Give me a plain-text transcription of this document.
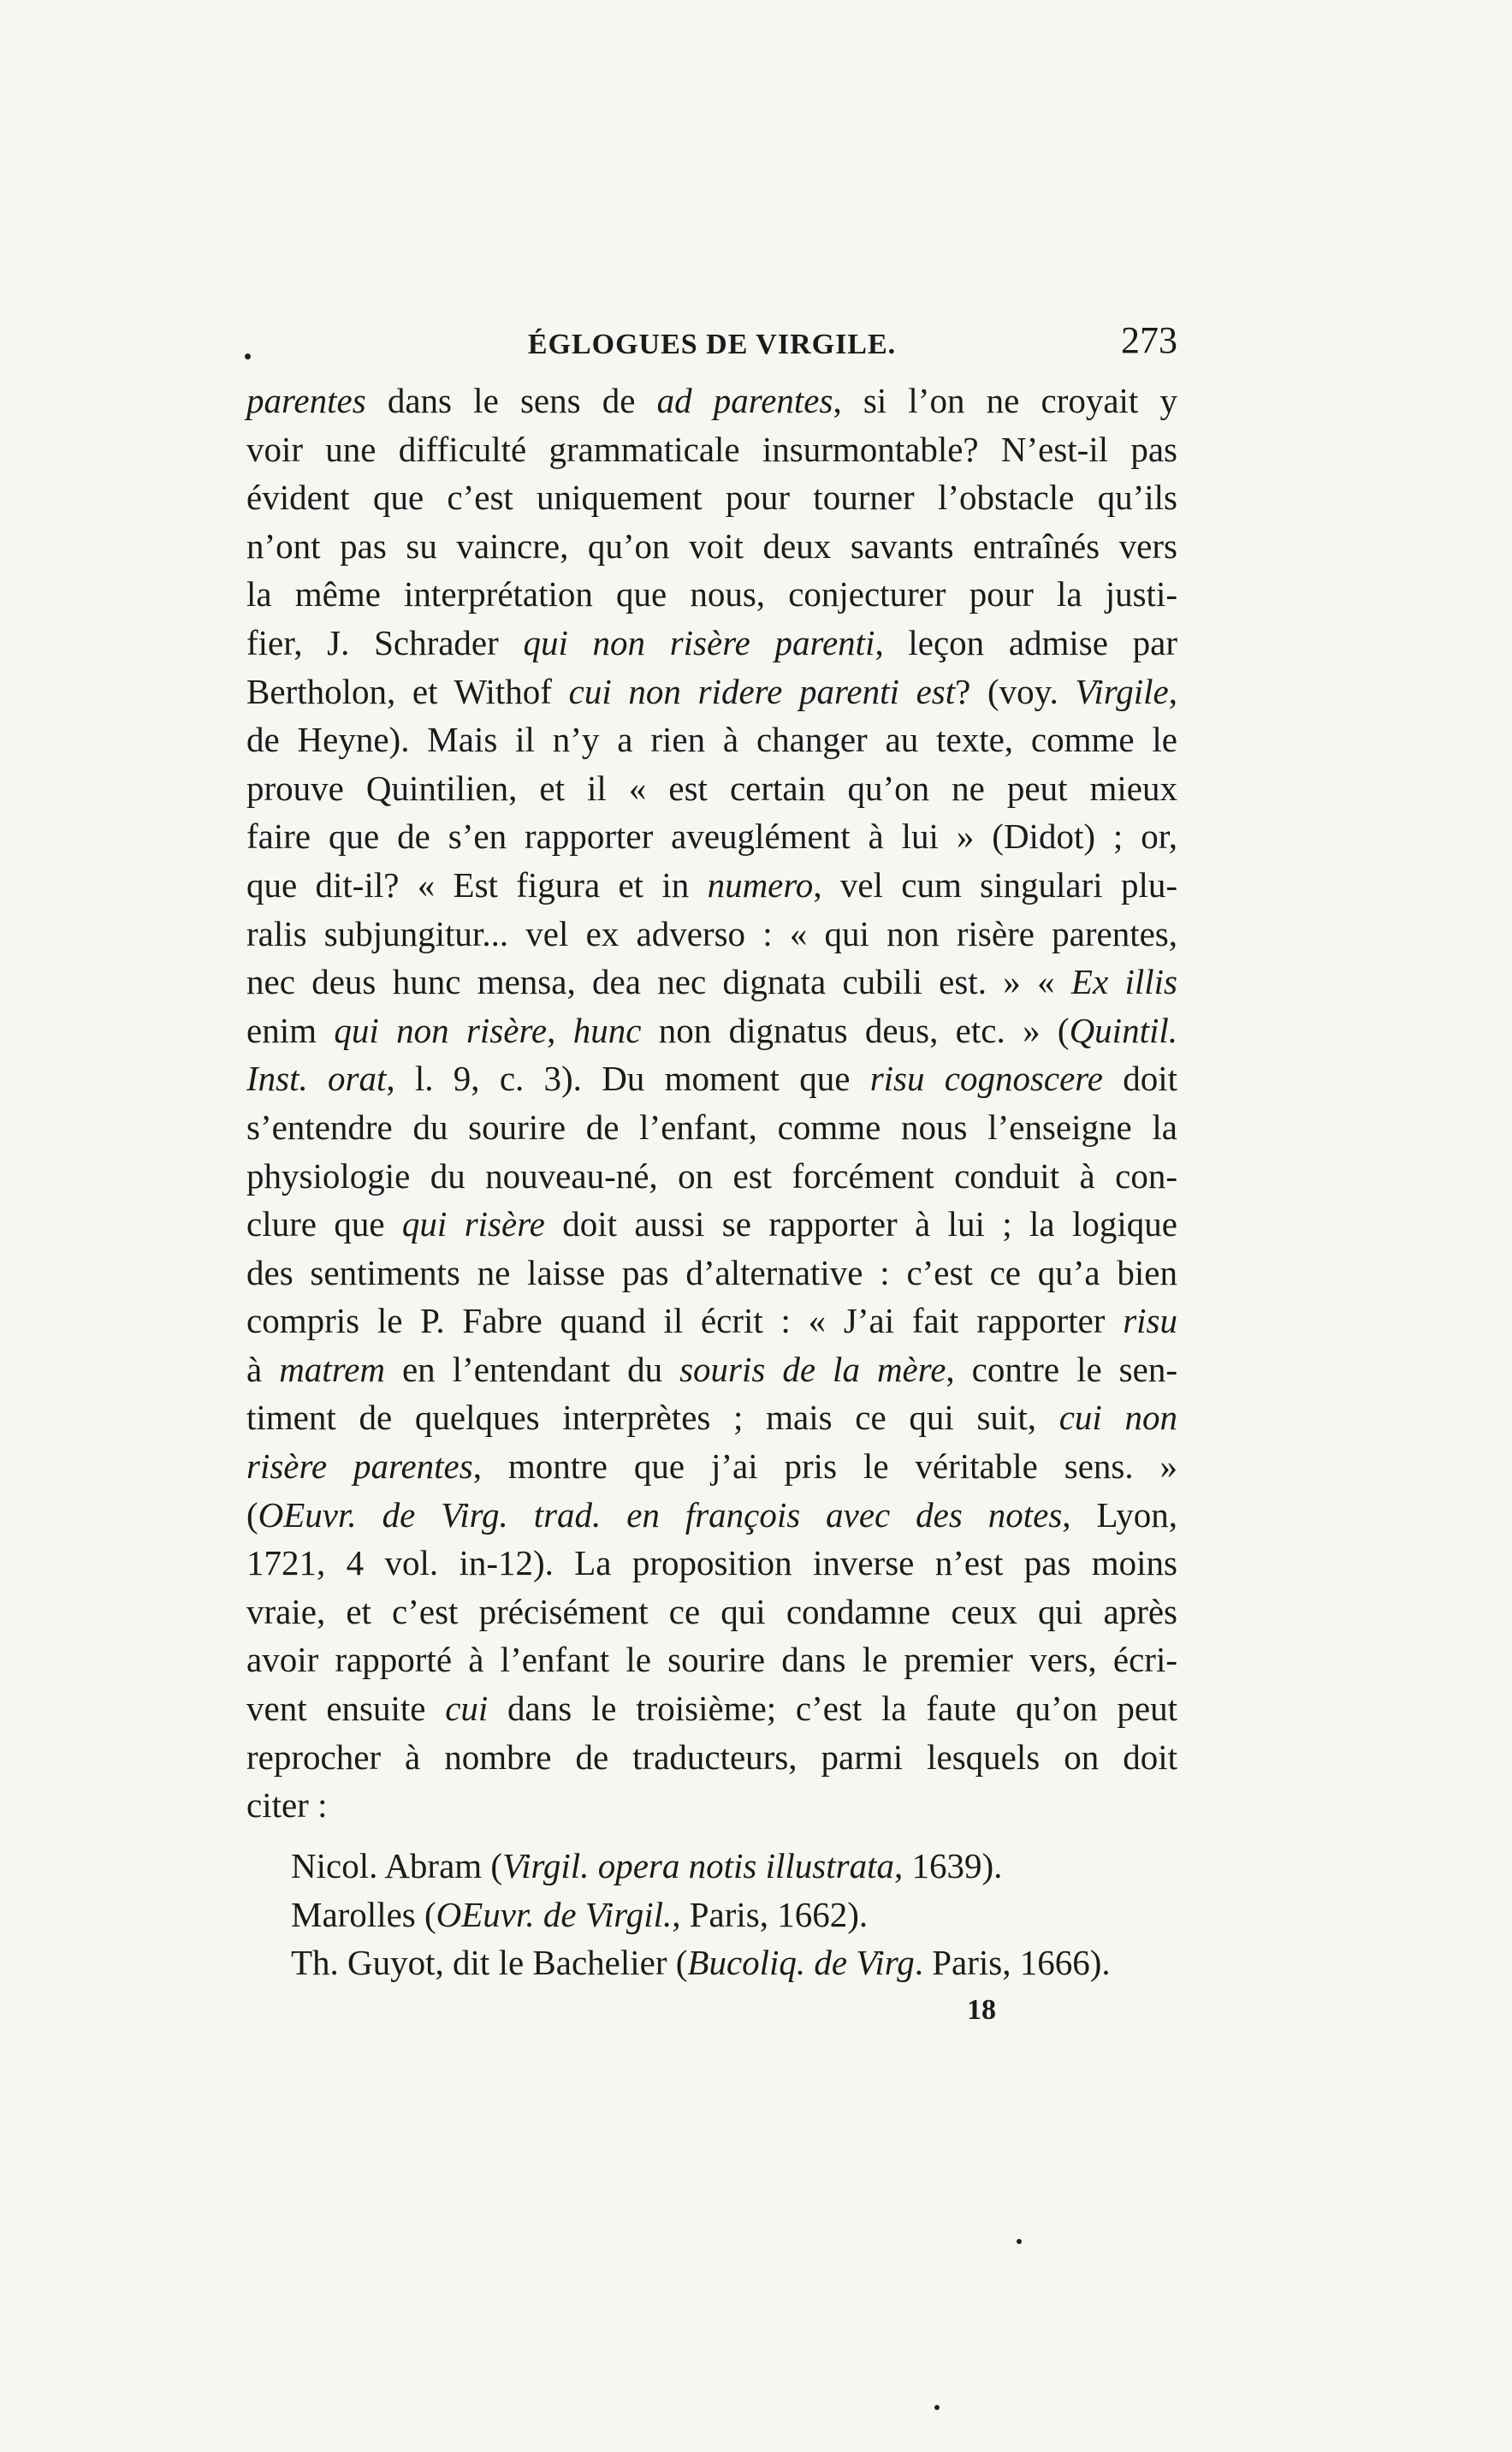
ÉGLOGUES DE VIRGILE.	273
parentes dans le sens de ad parentes, si l’on ne croyait y
voir une difficulté grammaticale insurmontable? N’est-il pas
évident que c’est uniquement pour tourner l’obstacle qu’ils
n’ont pas su vaincre, qu’on voit deux savants entraînés vers
la même interprétation que nous, conjecturer pour la justi-
fier, J. Schrader qui non risère parenti, leçon admise par
Bertholon, et Withof cui non ridere parenti est? (voy. Virgile,
de Heyne). Mais il n’y a rien à changer au texte, comme le
prouve Quintilien, et il « est certain qu’on ne peut mieux
faire que de s’en rapporter aveuglément à lui » (Didot) ; or,
que dit-il? « Est figura et in numero, vel cum singulari plu-
ralis subjungitur... vel ex adverso : « qui non risère parentes,
nec deus hunc mensa, dea nec dignata cubili est. » « Ex illis
enim qui non risère, hunc non dignatus deus, etc. » (Quintil.
Inst. orat, l. 9, c. 3). Du moment que risu cognoscere doit
s’entendre du sourire de l’enfant, comme nous l’enseigne la
physiologie du nouveau-né, on est forcément conduit à con-
clure que qui risère doit aussi se rapporter à lui ; la logique
des sentiments ne laisse pas d’alternative : c’est ce qu’a bien
compris le P. Fabre quand il écrit : « J’ai fait rapporter risu
à matrem en l’entendant du souris de la mère, contre le sen-
timent de quelques interprètes ; mais ce qui suit, cui non
risère parentes, montre que j’ai pris le véritable sens. »
(OEuvr. de Virg. trad. en françois avec des notes, Lyon,
1721, 4 vol. in-12). La proposition inverse n’est pas moins
vraie, et c’est précisément ce qui condamne ceux qui après
avoir rapporté à l’enfant le sourire dans le premier vers, écri-
vent ensuite cui dans le troisième; c’est la faute qu’on peut
reprocher à nombre de traducteurs, parmi lesquels on doit
citer :
Nicol. Abram (Virgil. opera notis illustrata, 1639).
Marolles (OEuvr. de Virgil., Paris, 1662).
Th. Guyot, dit le Bachelier (Bucoliq. de Virg. Paris, 1666).
18
